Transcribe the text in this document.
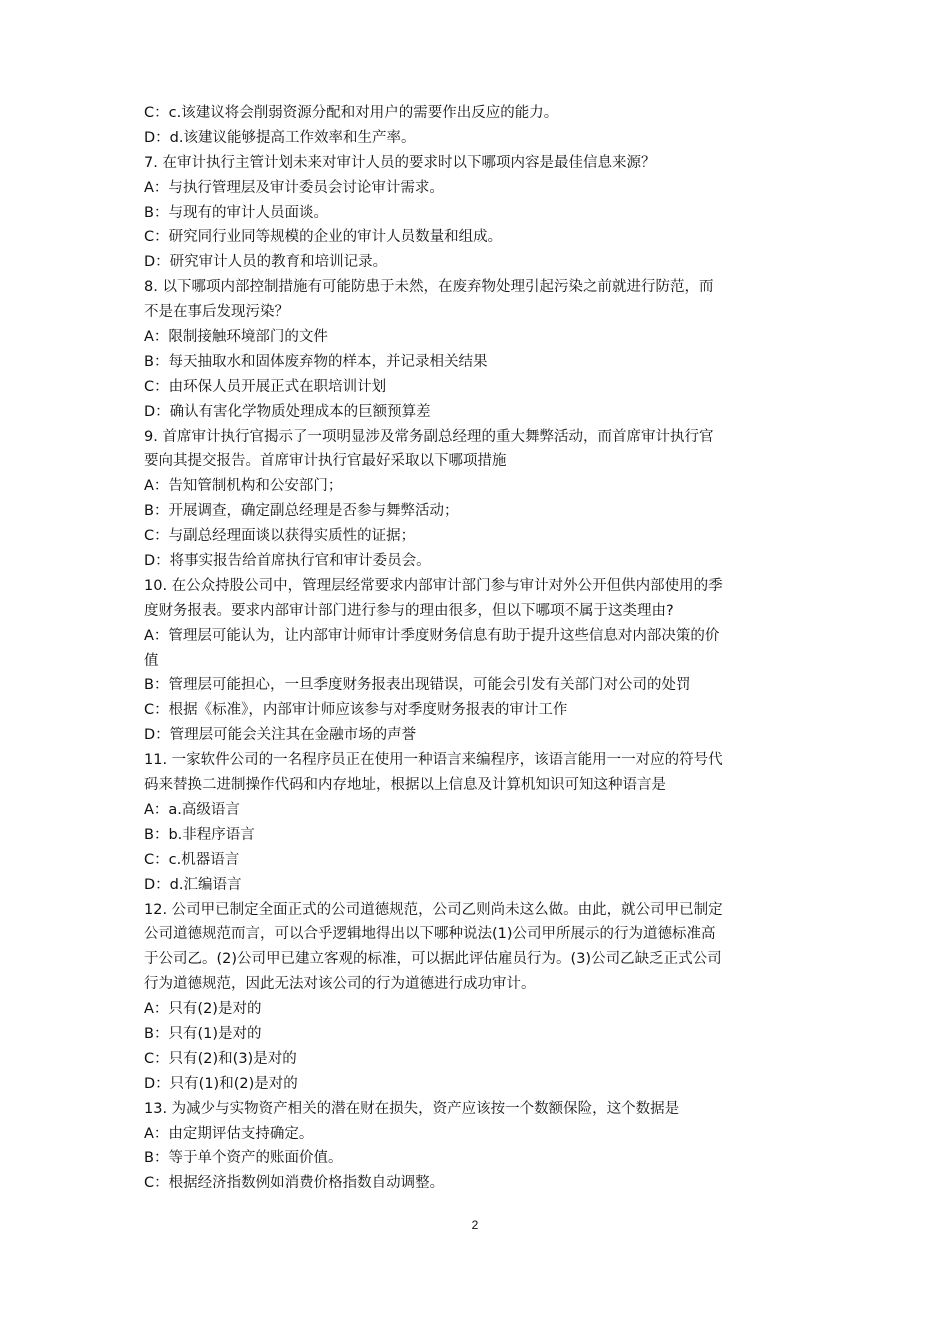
C：c.该建议将会削弱资源分配和对用户的需要作出反应的能力。
D：d.该建议能够提高工作效率和生产率。
7. 在审计执行主管计划未来对审计人员的要求时以下哪项内容是最佳信息来源？
A：与执行管理层及审计委员会讨论审计需求。
B：与现有的审计人员面谈。
C：研究同行业同等规模的企业的审计人员数量和组成。
D：研究审计人员的教育和培训记录。
8. 以下哪项内部控制措施有可能防患于未然，在废弃物处理引起污染之前就进行防范，而
不是在事后发现污染？
A：限制接触环境部门的文件
B：每天抽取水和固体废弃物的样本，并记录相关结果
C：由环保人员开展正式在职培训计划
D：确认有害化学物质处理成本的巨额预算差
9. 首席审计执行官揭示了一项明显涉及常务副总经理的重大舞弊活动，而首席审计执行官
要向其提交报告。首席审计执行官最好采取以下哪项措施
A：告知管制机构和公安部门；
B：开展调查，确定副总经理是否参与舞弊活动；
C：与副总经理面谈以获得实质性的证据；
D：将事实报告给首席执行官和审计委员会。
10. 在公众持股公司中，管理层经常要求内部审计部门参与审计对外公开但供内部使用的季
度财务报表。要求内部审计部门进行参与的理由很多，但以下哪项不属于这类理由?
A：管理层可能认为，让内部审计师审计季度财务信息有助于提升这些信息对内部决策的价
值
B：管理层可能担心，一旦季度财务报表出现错误，可能会引发有关部门对公司的处罚
C：根据《标准》，内部审计师应该参与对季度财务报表的审计工作
D：管理层可能会关注其在金融市场的声誉
11. 一家软件公司的一名程序员正在使用一种语言来编程序，该语言能用一一对应的符号代
码来替换二进制操作代码和内存地址，根据以上信息及计算机知识可知这种语言是
A：a.高级语言
B：b.非程序语言
C：c.机器语言
D：d.汇编语言
12. 公司甲已制定全面正式的公司道德规范，公司乙则尚未这么做。由此，就公司甲已制定
公司道德规范而言，可以合乎逻辑地得出以下哪种说法(1)公司甲所展示的行为道德标准高
于公司乙。(2)公司甲已建立客观的标准，可以据此评估雇员行为。(3)公司乙缺乏正式公司
行为道德规范，因此无法对该公司的行为道德进行成功审计。
A：只有(2)是对的
B：只有(1)是对的
C：只有(2)和(3)是对的
D：只有(1)和(2)是对的
13. 为减少与实物资产相关的潜在财在损失，资产应该按一个数额保险，这个数据是
A：由定期评估支持确定。
B：等于单个资产的账面价值。
C：根据经济指数例如消费价格指数自动调整。
2
